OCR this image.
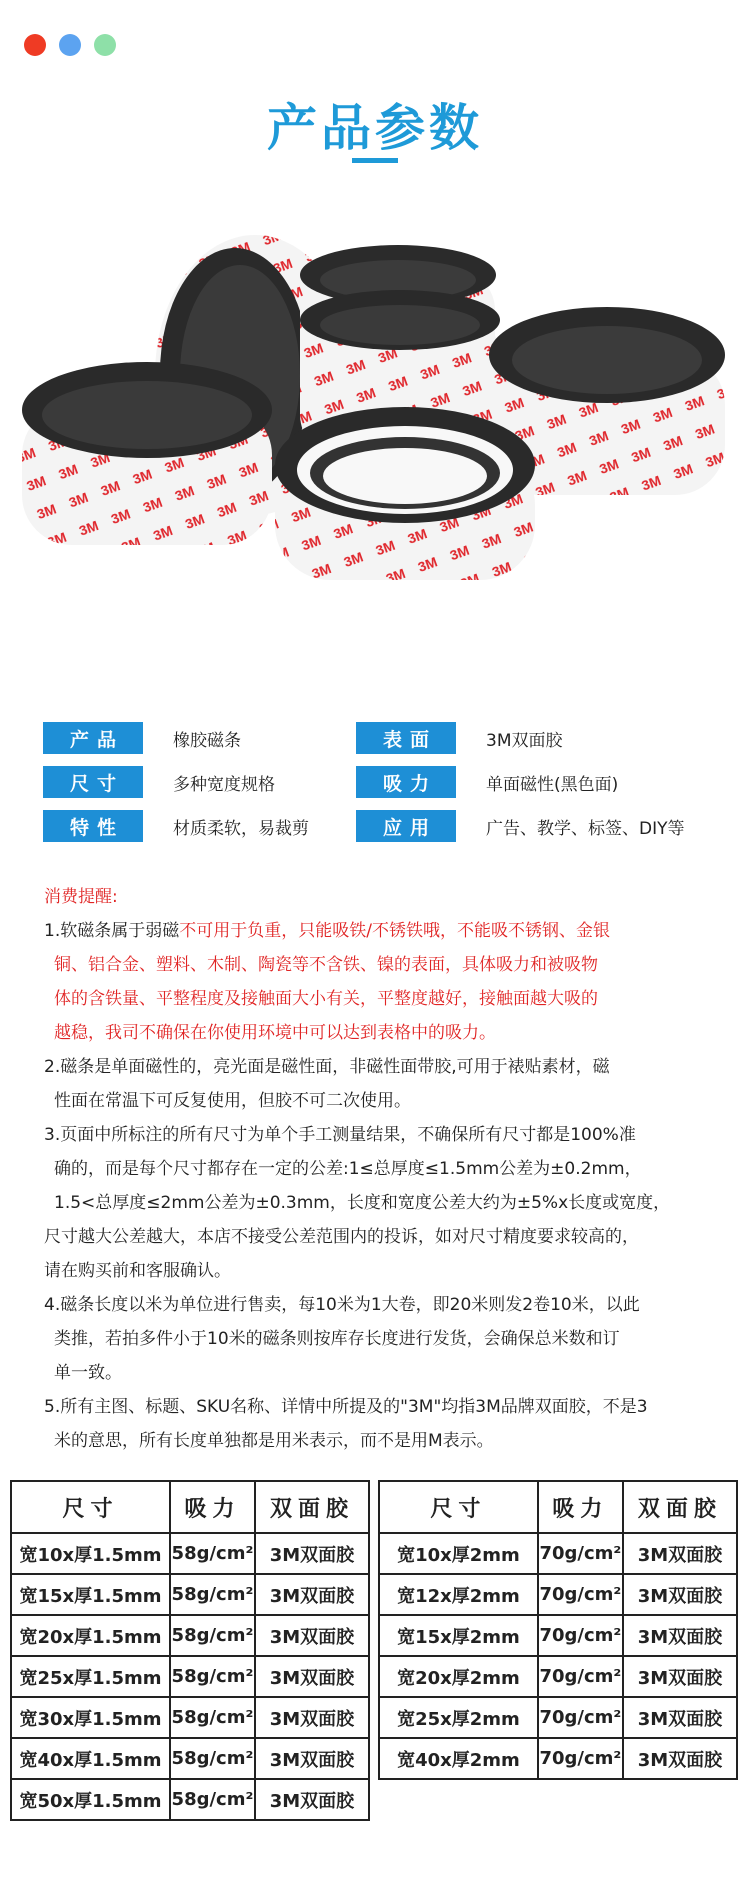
产品参数
产品	橡胶磁条	表面	3M双面胶
尺寸	多种宽度规格	吸力	单面磁性(黑色面)
特性	材质柔软，易裁剪	应用	广告、教学、标签、DIY等
消费提醒:

1.软磁条属于弱磁不可用于负重，只能吸铁/不锈铁哦，不能吸不锈钢、金银

铜、铝合金、塑料、木制、陶瓷等不含铁、镍的表面，具体吸力和被吸物

体的含铁量、平整程度及接触面大小有关，平整度越好，接触面越大吸的

越稳，我司不确保在你使用环境中可以达到表格中的吸力。

2.磁条是单面磁性的，亮光面是磁性面，非磁性面带胶,可用于裱贴素材，磁

性面在常温下可反复使用，但胶不可二次使用。

3.页面中所标注的所有尺寸为单个手工测量结果，不确保所有尺寸都是100%准

确的，而是每个尺寸都存在一定的公差:1≤总厚度≤1.5mm公差为±0.2mm，

1.5<总厚度≤2mm公差为±0.3mm，长度和宽度公差大约为±5%x长度或宽度，

尺寸越大公差越大，本店不接受公差范围内的投诉，如对尺寸精度要求较高的，

请在购买前和客服确认。

4.磁条长度以米为单位进行售卖，每10米为1大卷，即20米则发2卷10米，以此

类推，若拍多件小于10米的磁条则按库存长度进行发货，会确保总米数和订

单一致。

5.所有主图、标题、SKU名称、详情中所提及的"3M"均指3M品牌双面胶，不是3

米的意思，所有长度单独都是用米表示，而不是用M表示。

尺寸	吸力	双面胶
宽10x厚1.5mm	58g/cm²	3M双面胶
宽15x厚1.5mm	58g/cm²	3M双面胶
宽20x厚1.5mm	58g/cm²	3M双面胶
宽25x厚1.5mm	58g/cm²	3M双面胶
宽30x厚1.5mm	58g/cm²	3M双面胶
宽40x厚1.5mm	58g/cm²	3M双面胶
宽50x厚1.5mm	58g/cm²	3M双面胶
尺寸	吸力	双面胶
宽10x厚2mm	70g/cm²	3M双面胶
宽12x厚2mm	70g/cm²	3M双面胶
宽15x厚2mm	70g/cm²	3M双面胶
宽20x厚2mm	70g/cm²	3M双面胶
宽25x厚2mm	70g/cm²	3M双面胶
宽40x厚2mm	70g/cm²	3M双面胶
